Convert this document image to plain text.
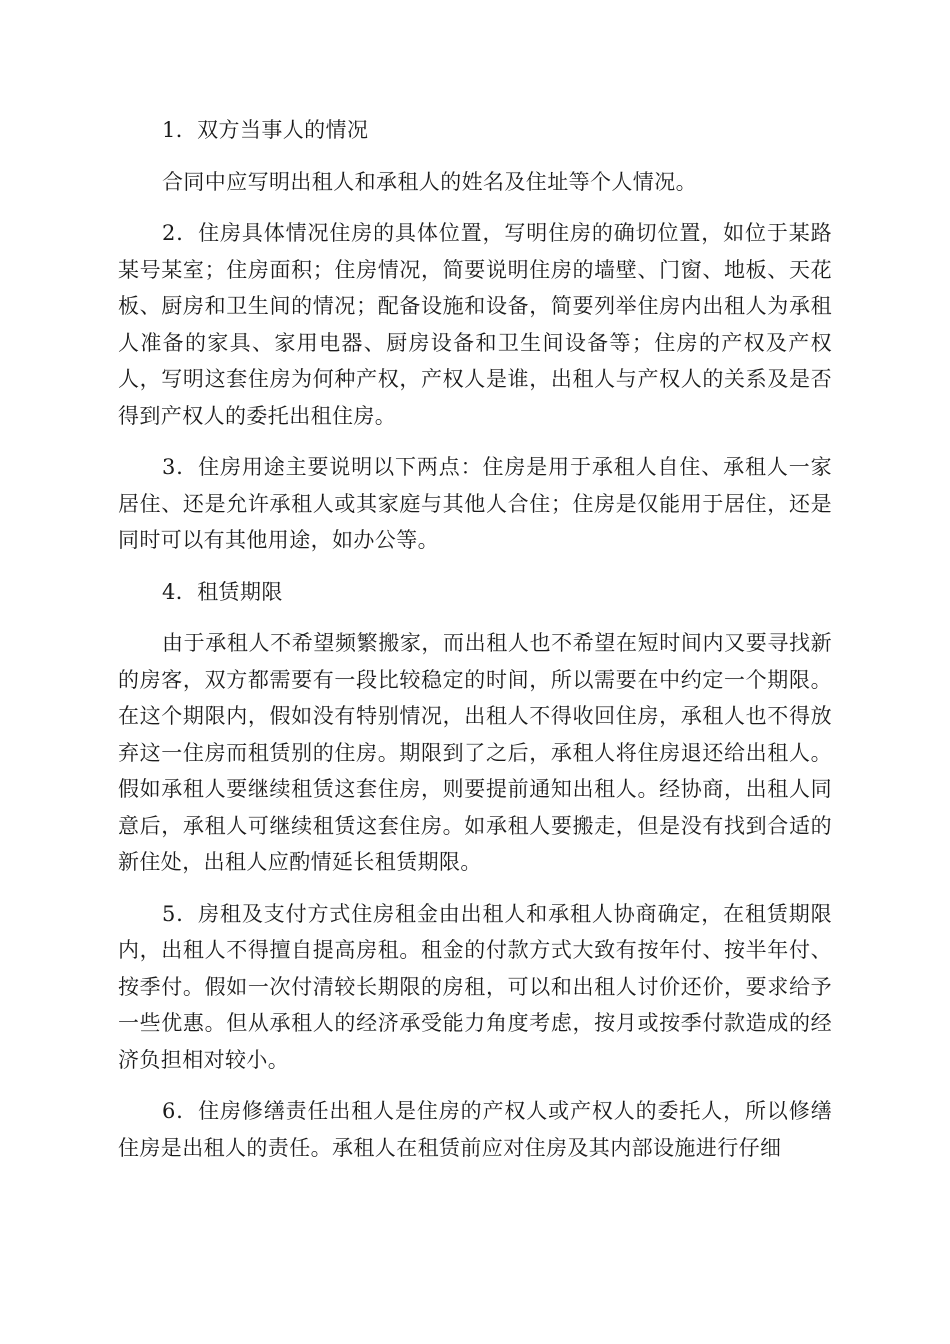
1．双方当事人的情况

合同中应写明出租人和承租人的姓名及住址等个人情况。

2．住房具体情况住房的具体位置，写明住房的确切位置，如位于某路某号某室；住房面积；住房情况，简要说明住房的墙壁、门窗、地板、天花板、厨房和卫生间的情况；配备设施和设备，简要列举住房内出租人为承租人准备的家具、家用电器、厨房设备和卫生间设备等；住房的产权及产权人，写明这套住房为何种产权，产权人是谁，出租人与产权人的关系及是否得到产权人的委托出租住房。

3．住房用途主要说明以下两点：住房是用于承租人自住、承租人一家居住、还是允许承租人或其家庭与其他人合住；住房是仅能用于居住，还是同时可以有其他用途，如办公等。

4．租赁期限

由于承租人不希望频繁搬家，而出租人也不希望在短时间内又要寻找新的房客，双方都需要有一段比较稳定的时间，所以需要在中约定一个期限。在这个期限内，假如没有特别情况，出租人不得收回住房，承租人也不得放弃这一住房而租赁别的住房。期限到了之后，承租人将住房退还给出租人。假如承租人要继续租赁这套住房，则要提前通知出租人。经协商，出租人同意后，承租人可继续租赁这套住房。如承租人要搬走，但是没有找到合适的新住处，出租人应酌情延长租赁期限。

5．房租及支付方式住房租金由出租人和承租人协商确定，在租赁期限内，出租人不得擅自提高房租。租金的付款方式大致有按年付、按半年付、按季付。假如一次付清较长期限的房租，可以和出租人讨价还价，要求给予一些优惠。但从承租人的经济承受能力角度考虑，按月或按季付款造成的经济负担相对较小。

6．住房修缮责任出租人是住房的产权人或产权人的委托人，所以修缮住房是出租人的责任。承租人在租赁前应对住房及其内部设施进行仔细
